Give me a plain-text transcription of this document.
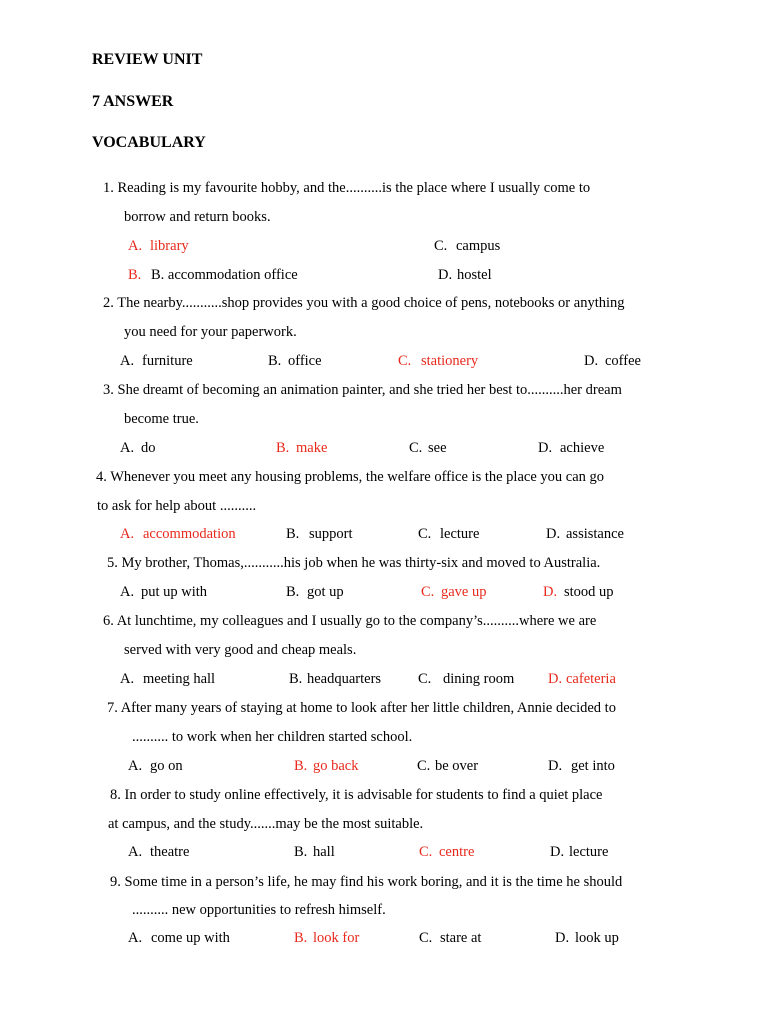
REVIEW UNIT
7 ANSWER
VOCABULARY
1. Reading is my favourite hobby, and the..........is the place where I usually come to
borrow and return books.
A. library	C. campus
B. B. accommodation office	D. hostel
2. The nearby...........shop provides you with a good choice of pens, notebooks or anything
you need for your paperwork.
A. furniture	B. office	C. stationery	D. coffee
3. She dreamt of becoming an animation painter, and she tried her best to..........her dream
become true.
A. do	B. make	C. see	D. achieve
4. Whenever you meet any housing problems, the welfare office is the place you can go
to ask for help about ..........
A. accommodation	B. support	C. lecture	D. assistance
5. My brother, Thomas,...........his job when he was thirty-six and moved to Australia.
A. put up with	B. got up	C. gave up	D. stood up
6. At lunchtime, my colleagues and I usually go to the company’s..........where we are
served with very good and cheap meals.
A. meeting hall	B. headquarters	C. dining room D. cafeteria
7. After many years of staying at home to look after her little children, Annie decided to
.......... to work when her children started school.
A. go on	B. go back	C. be over	D. get into
8. In order to study online effectively, it is advisable for students to find a quiet place
at campus, and the study.......may be the most suitable.
A. theatre	B. hall	C. centre	D. lecture
9. Some time in a person’s life, he may find his work boring, and it is the time he should
.......... new opportunities to refresh himself.
A. come up with	B. look for	C. stare at	D. look up
